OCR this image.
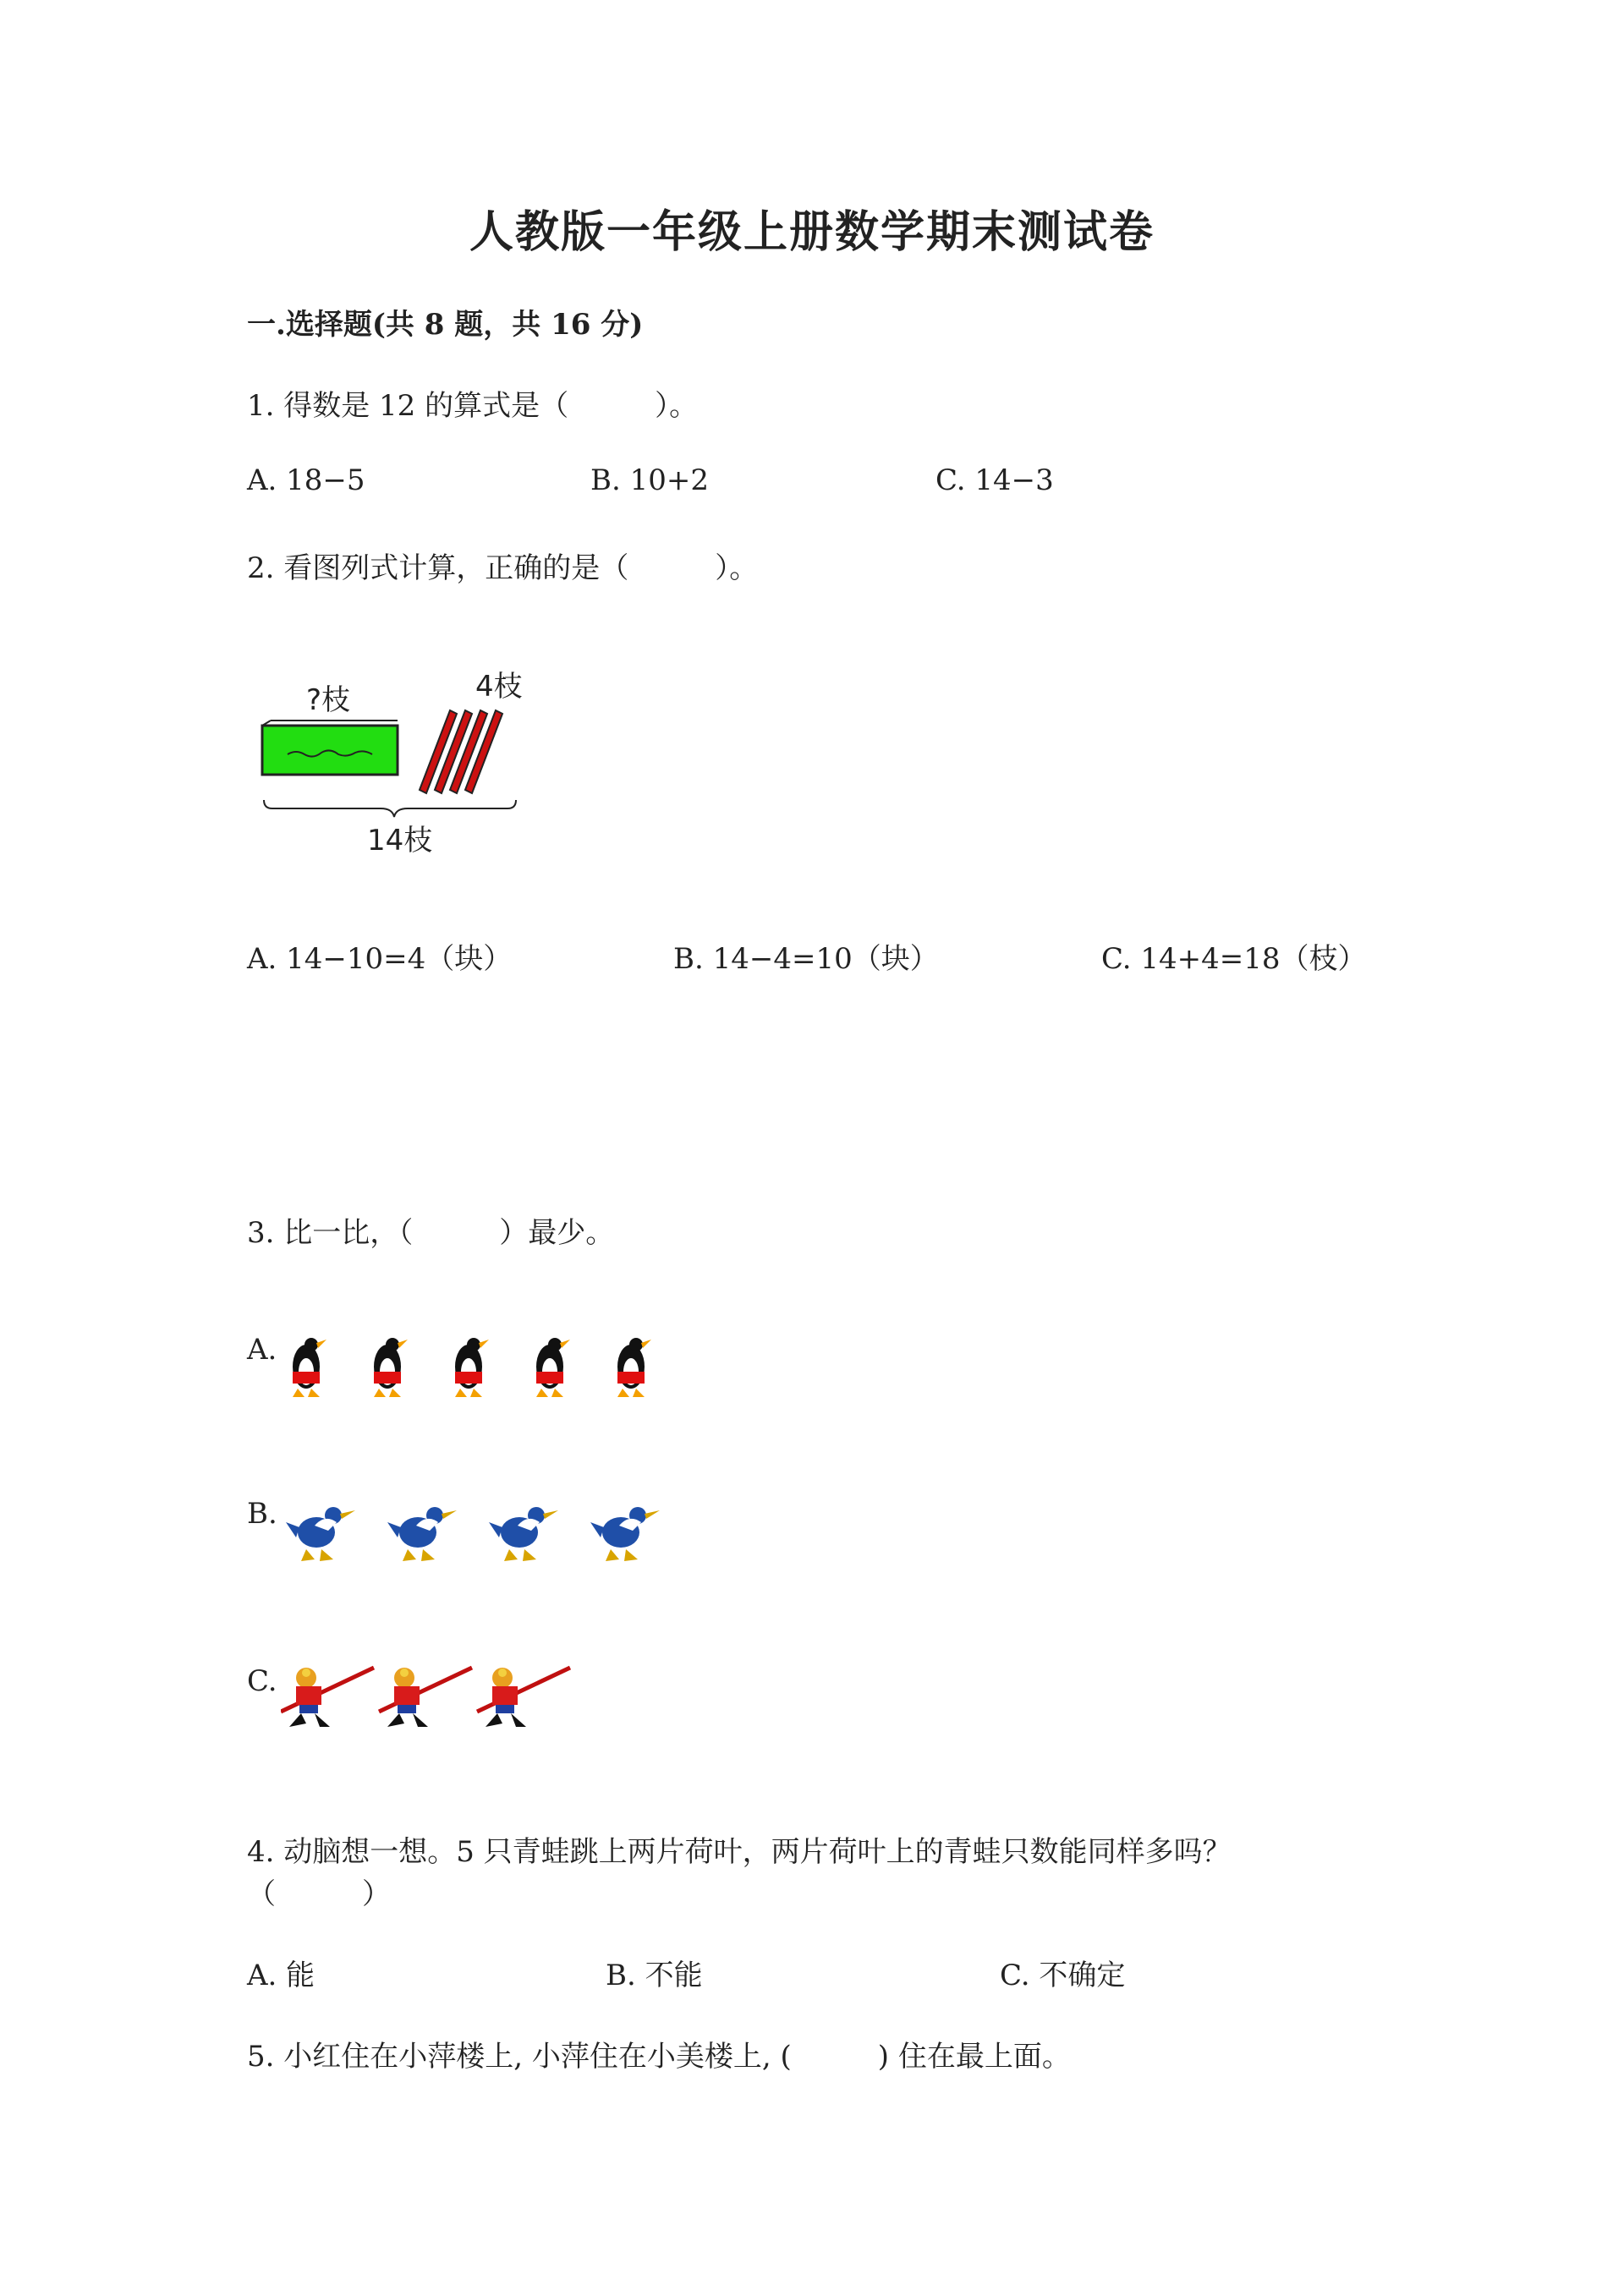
人教版一年级上册数学期末测试卷
一.选择题(共 8 题，共 16 分)
1. 得数是 12 的算式是（　　　）。
A. 18−5	B. 10+2	C. 14−3
2. 看图列式计算，正确的是（　　　）。
?枝	4枝
14枝
A. 14−10=4（块）	B. 14−4=10（块）	C. 14+4=18（枝）
3. 比一比，（　　　）最少。
A.
B.
C.
4. 动脑想一想。5 只青蛙跳上两片荷叶，两片荷叶上的青蛙只数能同样多吗？
（　　　）
A. 能	B. 不能	C. 不确定
5. 小红住在小萍楼上, 小萍住在小美楼上, (　　　) 住在最上面。
